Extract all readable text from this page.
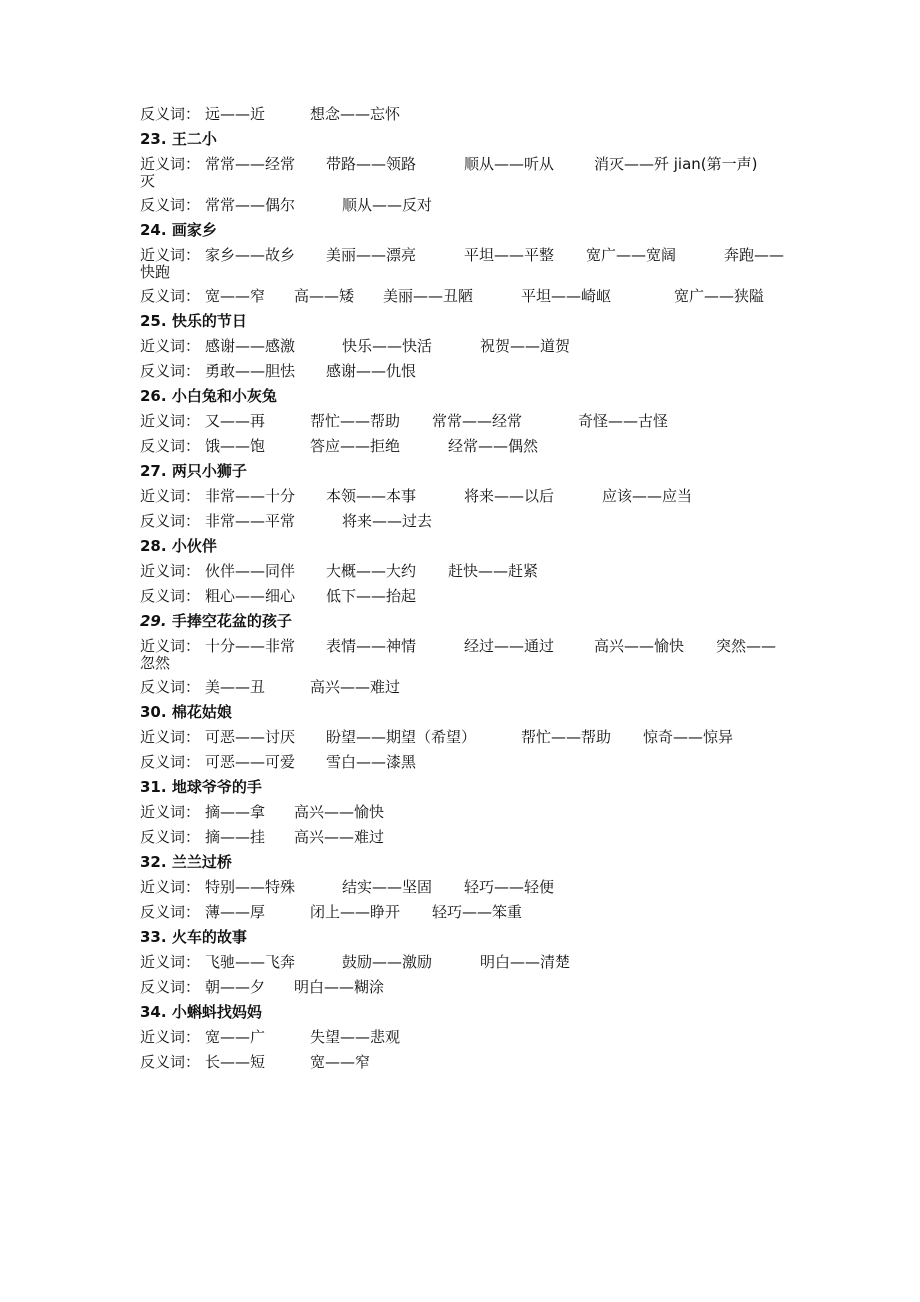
反义词： 远——近	想念——忘怀
23. 王二小
近义词： 常常——经常 带路——领路	顺从——听从	消灭——歼 jian(第一声)
灭
反义词： 常常——偶尔	顺从——反对
24. 画家乡
近义词： 家乡——故乡 美丽——漂亮	平坦——平整 宽广——宽阔	奔跑——
快跑
反义词： 宽——窄 高——矮 美丽——丑陋	平坦——崎岖	宽广——狭隘
25. 快乐的节日
近义词： 感谢——感激	快乐——快活	祝贺——道贺
反义词： 勇敢——胆怯 感谢——仇恨
26. 小白兔和小灰兔
近义词： 又——再	帮忙——帮助 常常——经常	奇怪——古怪
反义词： 饿——饱	答应——拒绝	经常——偶然
27. 两只小狮子
近义词： 非常——十分 本领——本事	将来——以后	应该——应当
反义词： 非常——平常	将来——过去
28. 小伙伴
近义词： 伙伴——同伴 大概——大约 赶快——赶紧
反义词： 粗心——细心 低下——抬起
29. 手捧空花盆的孩子
近义词： 十分——非常 表情——神情	经过——通过	高兴——愉快 突然——
忽然
反义词： 美——丑	高兴——难过
30. 棉花姑娘
近义词： 可恶——讨厌 盼望——期望（希望）	帮忙——帮助 惊奇——惊异
反义词： 可恶——可爱 雪白——漆黑
31. 地球爷爷的手
近义词： 摘——拿 高兴——愉快
反义词： 摘——挂 高兴——难过
32. 兰兰过桥
近义词： 特别——特殊	结实——坚固 轻巧——轻便
反义词： 薄——厚	闭上——睁开 轻巧——笨重
33. 火车的故事
近义词： 飞驰——飞奔	鼓励——激励	明白——清楚
反义词： 朝——夕 明白——糊涂
34. 小蝌蚪找妈妈
近义词： 宽——广	失望——悲观
反义词： 长——短	宽——窄
